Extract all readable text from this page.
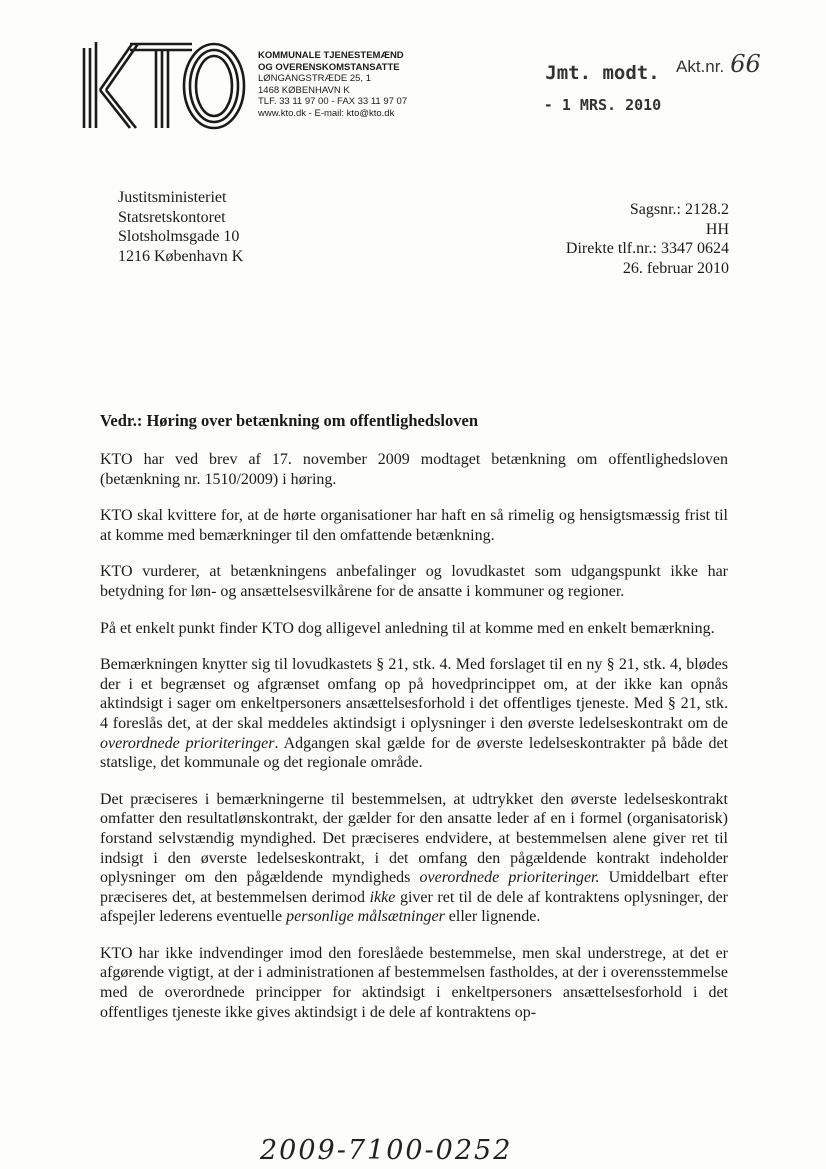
KOMMUNALE TJENESTEMÆND
OG OVERENSKOMSTANSATTE
LØNGANGSTRÆDE 25, 1
1468 KØBENHAVN K
TLF. 33 11 97 00 - FAX 33 11 97 07
www.kto.dk - E-mail: kto@kto.dk
Jmt. modt.
- 1 MRS. 2010
Akt.nr. 66
Justitsministeriet
Statsretskontoret
Slotsholmsgade 10
1216 København K
Sagsnr.: 2128.2
HH
Direkte tlf.nr.: 3347 0624
26. februar 2010
Vedr.: Høring over betænkning om offentlighedsloven

KTO har ved brev af 17. november 2009 modtaget betænkning om offentlighedsloven (betænkning nr. 1510/2009) i høring.

KTO skal kvittere for, at de hørte organisationer har haft en så rimelig og hensigtsmæssig frist til at komme med bemærkninger til den omfattende betænkning.

KTO vurderer, at betænkningens anbefalinger og lovudkastet som udgangspunkt ikke har betydning for løn- og ansættelsesvilkårene for de ansatte i kommuner og regioner.

På et enkelt punkt finder KTO dog alligevel anledning til at komme med en enkelt bemærkning.

Bemærkningen knytter sig til lovudkastets § 21, stk. 4. Med forslaget til en ny § 21, stk. 4, blødes der i et begrænset og afgrænset omfang op på hovedprincippet om, at der ikke kan opnås aktindsigt i sager om enkeltpersoners ansættelsesforhold i det offentliges tjeneste. Med § 21, stk. 4 foreslås det, at der skal meddeles aktindsigt i oplysninger i den øverste ledelseskontrakt om de overordnede prioriteringer. Adgangen skal gælde for de øverste ledelseskontrakter på både det statslige, det kommunale og det regionale område.

Det præciseres i bemærkningerne til bestemmelsen, at udtrykket den øverste ledelseskontrakt omfatter den resultatlønskontrakt, der gælder for den ansatte leder af en i formel (organisatorisk) forstand selvstændig myndighed. Det præciseres endvidere, at bestemmelsen alene giver ret til indsigt i den øverste ledelseskontrakt, i det omfang den pågældende kontrakt indeholder oplysninger om den pågældende myndigheds overordnede prioriteringer. Umiddelbart efter præciseres det, at bestemmelsen derimod ikke giver ret til de dele af kontraktens oplysninger, der afspejler lederens eventuelle personlige målsætninger eller lignende.

KTO har ikke indvendinger imod den foreslåede bestemmelse, men skal understrege, at det er afgørende vigtigt, at der i administrationen af bestemmelsen fastholdes, at der i overensstemmelse med de overordnede principper for aktindsigt i enkeltpersoners ansættelsesforhold i det offentliges tjeneste ikke gives aktindsigt i de dele af kontraktens op-

2009-7100-0252
